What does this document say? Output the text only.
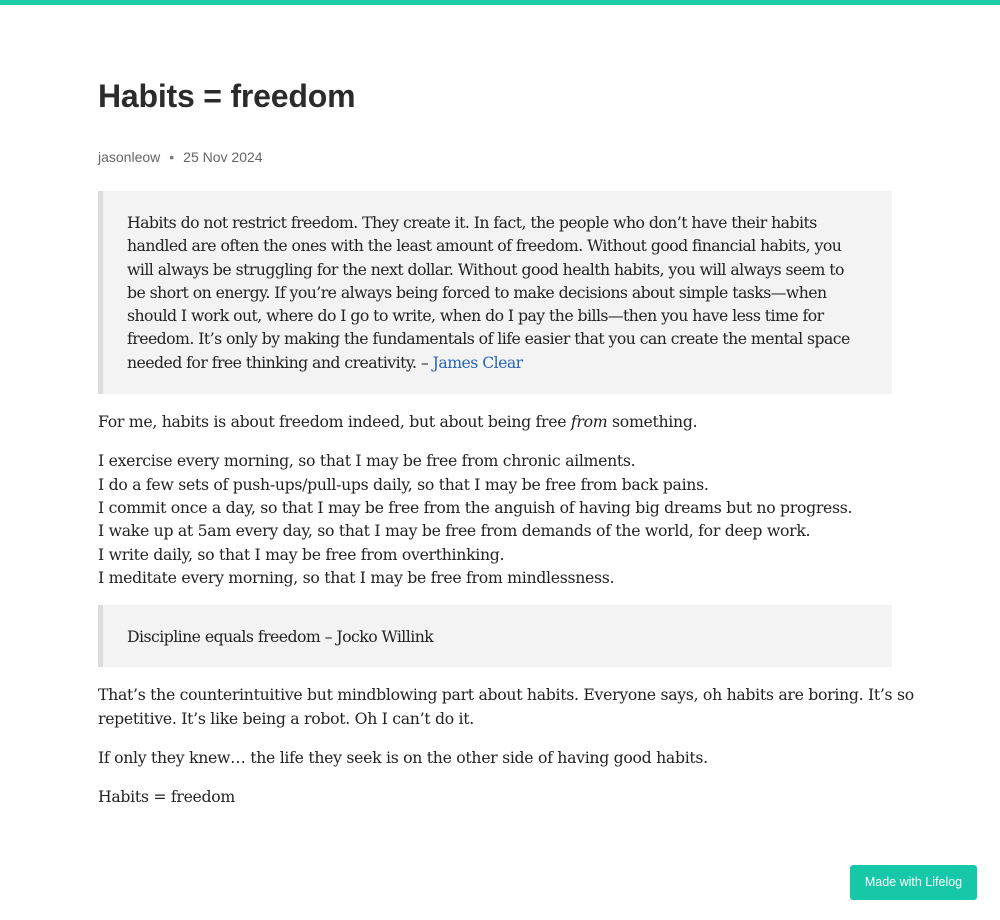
Habits = freedom
jasonleow • 25 Nov 2024
Habits do not restrict freedom. They create it. In fact, the people who don’t have their habits
handled are often the ones with the least amount of freedom. Without good financial habits, you
will always be struggling for the next dollar. Without good health habits, you will always seem to
be short on energy. If you’re always being forced to make decisions about simple tasks—when
should I work out, where do I go to write, when do I pay the bills—then you have less time for
freedom. It’s only by making the fundamentals of life easier that you can create the mental space
needed for free thinking and creativity. – James Clear

For me, habits is about freedom indeed, but about being free from something.

I exercise every morning, so that I may be free from chronic ailments.
I do a few sets of push-ups/pull-ups daily, so that I may be free from back pains.
I commit once a day, so that I may be free from the anguish of having big dreams but no progress.
I wake up at 5am every day, so that I may be free from demands of the world, for deep work.
I write daily, so that I may be free from overthinking.
I meditate every morning, so that I may be free from mindlessness.
Discipline equals freedom – Jocko Willink

That’s the counterintuitive but mindblowing part about habits. Everyone says, oh habits are boring. It’s so
repetitive. It’s like being a robot. Oh I can’t do it.

If only they knew… the life they seek is on the other side of having good habits.

Habits = freedom

Made with Lifelog
